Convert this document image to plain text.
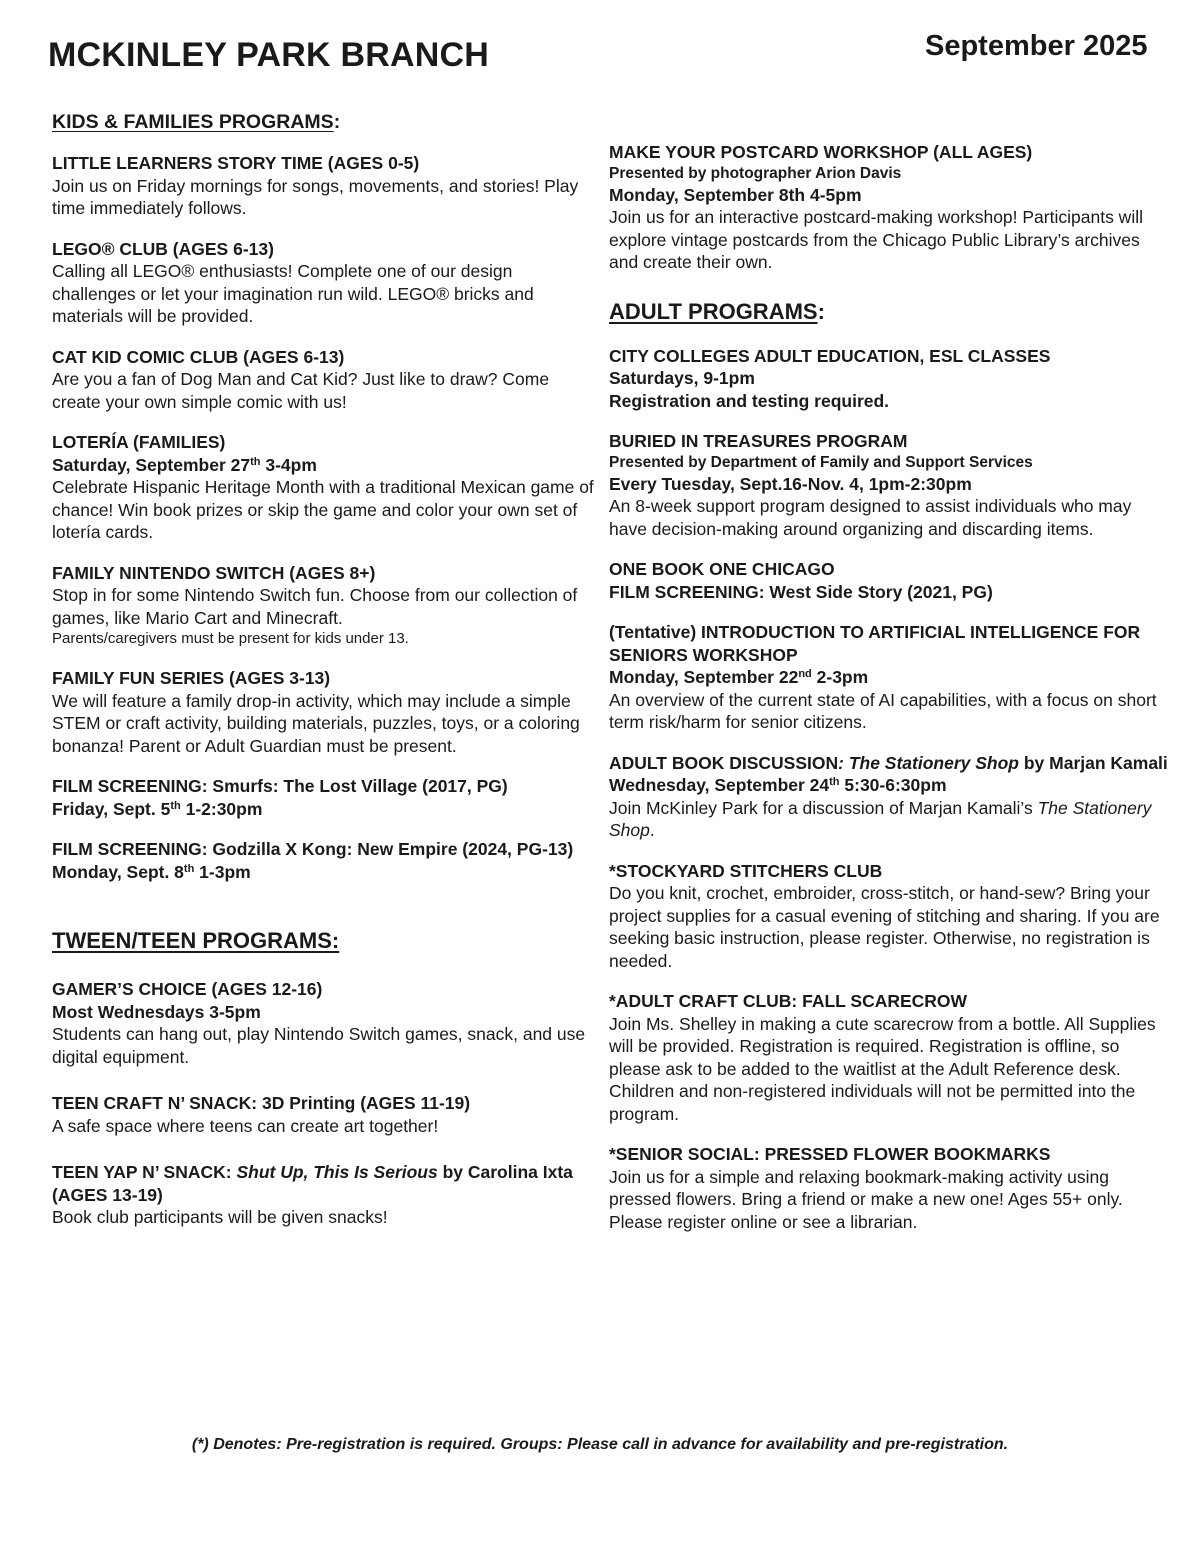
MCKINLEY PARK BRANCH	September 2025
KIDS & FAMILIES PROGRAMS:
LITTLE LEARNERS STORY TIME (AGES 0-5)
Join us on Friday mornings for songs, movements, and stories! Play time immediately follows.
LEGO® CLUB (AGES 6-13)
Calling all LEGO® enthusiasts! Complete one of our design challenges or let your imagination run wild. LEGO® bricks and materials will be provided.
CAT KID COMIC CLUB (AGES 6-13)
Are you a fan of Dog Man and Cat Kid? Just like to draw? Come create your own simple comic with us!
LOTERÍA (FAMILIES)
Saturday, September 27th 3-4pm
Celebrate Hispanic Heritage Month with a traditional Mexican game of chance! Win book prizes or skip the game and color your own set of lotería cards.
FAMILY NINTENDO SWITCH (AGES 8+)
Stop in for some Nintendo Switch fun. Choose from our collection of games, like Mario Cart and Minecraft.
Parents/caregivers must be present for kids under 13.
FAMILY FUN SERIES (AGES 3-13)
We will feature a family drop-in activity, which may include a simple STEM or craft activity, building materials, puzzles, toys, or a coloring bonanza! Parent or Adult Guardian must be present.
FILM SCREENING: Smurfs: The Lost Village (2017, PG)
Friday, Sept. 5th 1-2:30pm
FILM SCREENING: Godzilla X Kong: New Empire (2024, PG-13) Monday, Sept. 8th 1-3pm
TWEEN/TEEN PROGRAMS:
GAMER’S CHOICE (AGES 12-16)
Most Wednesdays 3-5pm
Students can hang out, play Nintendo Switch games, snack, and use digital equipment.
TEEN CRAFT N’ SNACK: 3D Printing (AGES 11-19)
A safe space where teens can create art together!
TEEN YAP N’ SNACK: Shut Up, This Is Serious by Carolina Ixta (AGES 13-19)
Book club participants will be given snacks!
MAKE YOUR POSTCARD WORKSHOP (ALL AGES)
Presented by photographer Arion Davis
Monday, September 8th 4-5pm
Join us for an interactive postcard-making workshop! Participants will explore vintage postcards from the Chicago Public Library’s archives and create their own.
ADULT PROGRAMS:
CITY COLLEGES ADULT EDUCATION, ESL CLASSES
Saturdays, 9-1pm
Registration and testing required.
BURIED IN TREASURES PROGRAM
Presented by Department of Family and Support Services
Every Tuesday, Sept.16-Nov. 4, 1pm-2:30pm
An 8-week support program designed to assist individuals who may have decision-making around organizing and discarding items.
ONE BOOK ONE CHICAGO
FILM SCREENING: West Side Story (2021, PG)
(Tentative) INTRODUCTION TO ARTIFICIAL INTELLIGENCE FOR SENIORS WORKSHOP
Monday, September 22nd 2-3pm
An overview of the current state of AI capabilities, with a focus on short term risk/harm for senior citizens.
ADULT BOOK DISCUSSION: The Stationery Shop by Marjan Kamali
Wednesday, September 24th 5:30-6:30pm
Join McKinley Park for a discussion of Marjan Kamali’s The Stationery Shop.
*STOCKYARD STITCHERS CLUB
Do you knit, crochet, embroider, cross-stitch, or hand-sew? Bring your project supplies for a casual evening of stitching and sharing. If you are seeking basic instruction, please register. Otherwise, no registration is needed.
*ADULT CRAFT CLUB: FALL SCARECROW
Join Ms. Shelley in making a cute scarecrow from a bottle. All Supplies will be provided. Registration is required. Registration is offline, so please ask to be added to the waitlist at the Adult Reference desk. Children and non-registered individuals will not be permitted into the program.
*SENIOR SOCIAL: PRESSED FLOWER BOOKMARKS
Join us for a simple and relaxing bookmark-making activity using pressed flowers. Bring a friend or make a new one! Ages 55+ only. Please register online or see a librarian.
(*) Denotes: Pre-registration is required. Groups: Please call in advance for availability and pre-registration.
